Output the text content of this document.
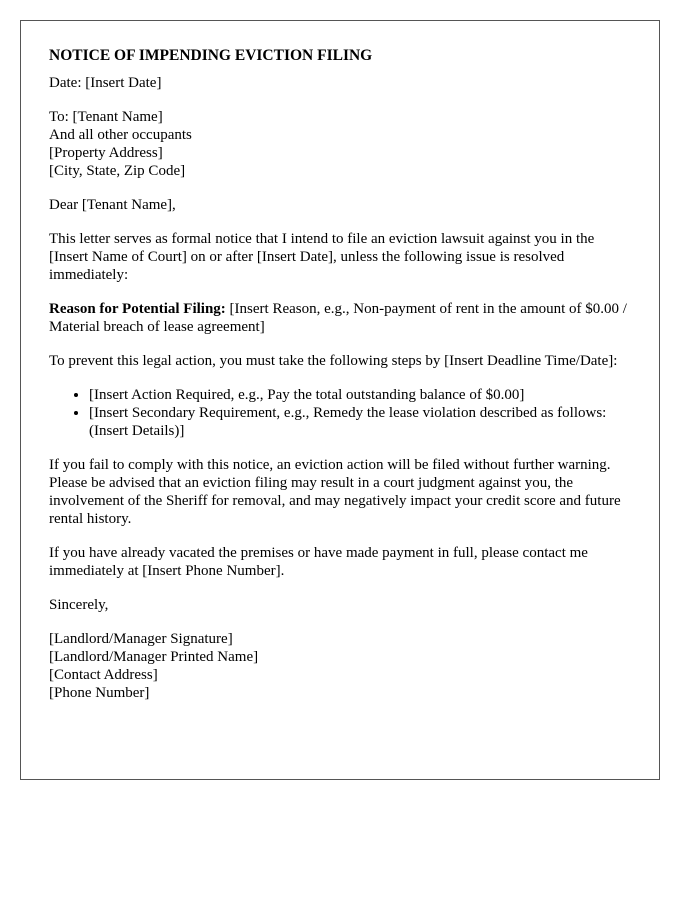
NOTICE OF IMPENDING EVICTION FILING

Date: [Insert Date]

To: [Tenant Name]
And all other occupants
[Property Address]
[City, State, Zip Code]

Dear [Tenant Name],

This letter serves as formal notice that I intend to file an eviction lawsuit against you in the [Insert Name of Court] on or after [Insert Date], unless the following issue is resolved immediately:

Reason for Potential Filing: [Insert Reason, e.g., Non-payment of rent in the amount of $0.00 / Material breach of lease agreement]

To prevent this legal action, you must take the following steps by [Insert Deadline Time/Date]:

• [Insert Action Required, e.g., Pay the total outstanding balance of $0.00]
• [Insert Secondary Requirement, e.g., Remedy the lease violation described as follows: (Insert Details)]

If you fail to comply with this notice, an eviction action will be filed without further warning. Please be advised that an eviction filing may result in a court judgment against you, the involvement of the Sheriff for removal, and may negatively impact your credit score and future rental history.

If you have already vacated the premises or have made payment in full, please contact me immediately at [Insert Phone Number].

Sincerely,

[Landlord/Manager Signature]
[Landlord/Manager Printed Name]
[Contact Address]
[Phone Number]
